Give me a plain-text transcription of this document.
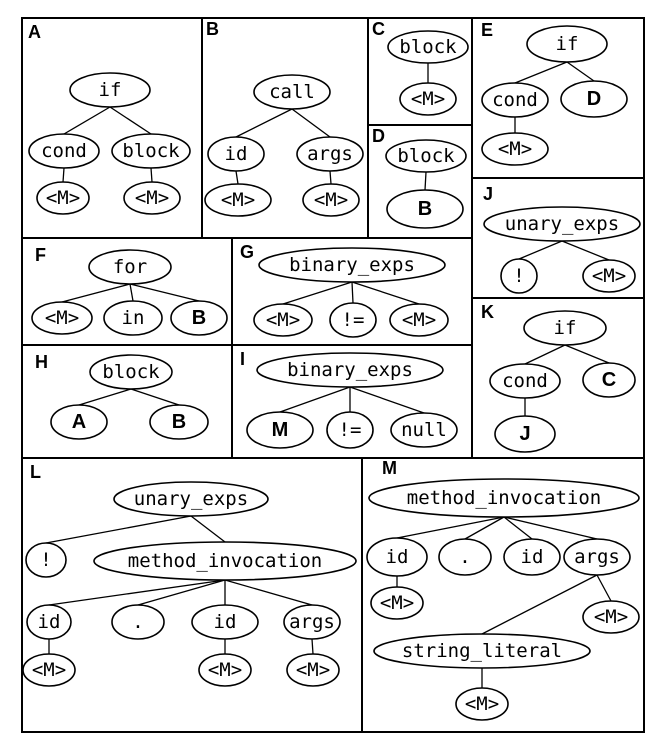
A
if
cond block
<M>	<M>
B
call
id	args
<M>	<M>
C
block
<M>
D
block
B
E
if
cond D
<M>
F
for
<M> in B
G
binary_exps
<M> != <M>
H	block
A	B
I binary_exps
M	!= null
J
unary_exps
!	<M>
K
if
cond	C
J
L
unary_exps
!	method_invocation
id	.	id	args
<M>	<M>	<M>
M
method_invocation
id	.	id args
<M>
<M>
string_literal
<M>
